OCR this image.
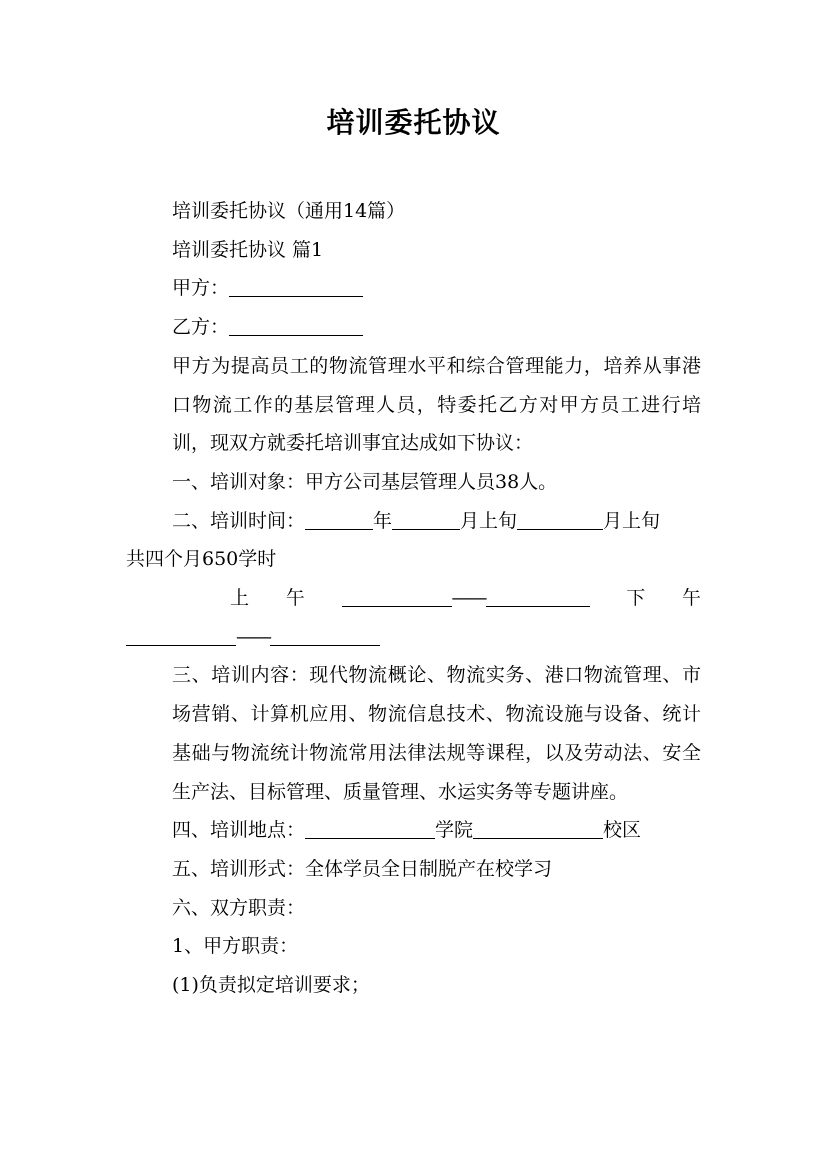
培训委托协议

培训委托协议（通用14篇）

培训委托协议 篇1

甲方：

乙方：

甲方为提高员工的物流管理水平和综合管理能力，培养从事港口物流工作的基层管理人员，特委托乙方对甲方员工进行培训，现双方就委托培训事宜达成如下协议：

一、培训对象：甲方公司基层管理人员38人。

二、培训时间：	年	月上旬	月上旬

共四个月650学时

上 午	——	下 午

——

三、培训内容：现代物流概论、物流实务、港口物流管理、市场营销、计算机应用、物流信息技术、物流设施与设备、统计基础与物流统计物流常用法律法规等课程，以及劳动法、安全生产法、目标管理、质量管理、水运实务等专题讲座。

四、培训地点：	学院	校区

五、培训形式：全体学员全日制脱产在校学习

六、双方职责：

1、甲方职责：

(1)负责拟定培训要求；
